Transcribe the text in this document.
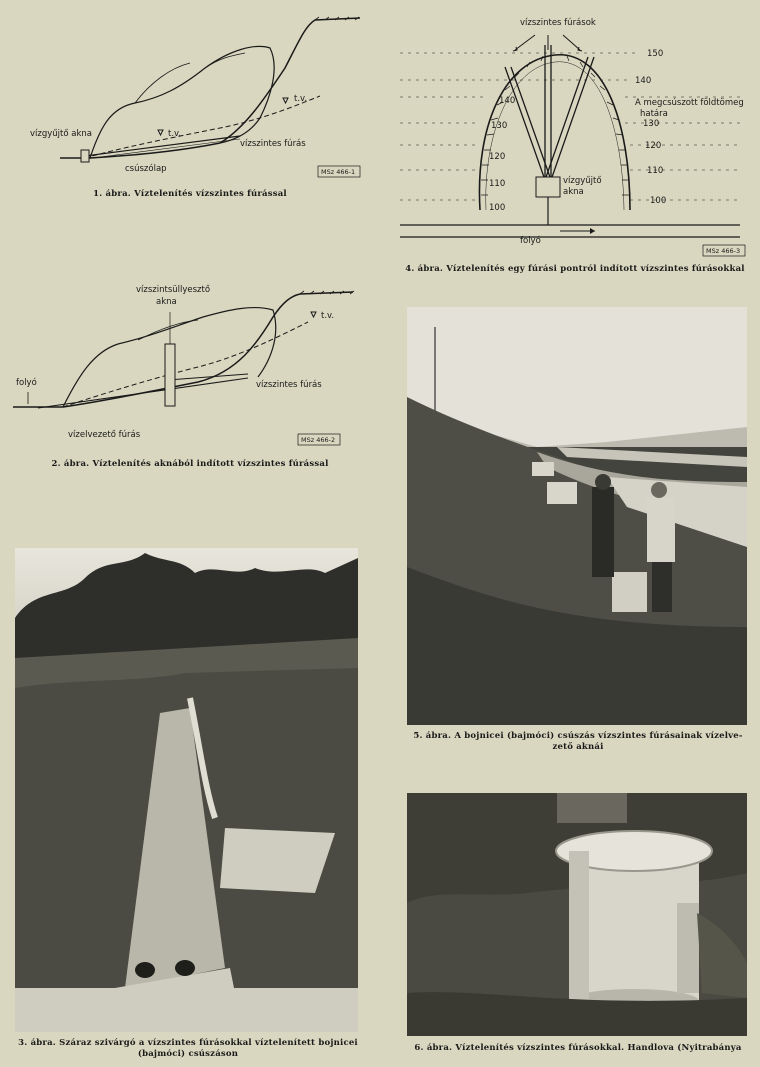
vízgyűjtő akna
vízszintes fúrás
csúszólap
t.v.
t.v.
MSz 466-1
1. ábra. Víztelenítés vízszintes fúrással
vízszintsüllyesztő
akna
folyó	vízszintes fúrás
vízelvezető fúrás
t.v.
MSz 466-2
2. ábra. Víztelenítés aknából indított vízszintes fúrással
3. ábra. Száraz szivárgó a vízszintes fúrásokkal víztelenített bojnicei
(bajmóci) csúszáson
vízszintes fúrások
A megcsúszott földtömeg
határa
vízgyűjtő
akna
folyó
150
140
130
120
110
100
140
130
120
110
100
MSz 466-3
4. ábra. Víztelenítés egy fúrási pontról indított vízszintes fúrásokkal
5. ábra. A bojnicei (bajmóci) csúszás vízszintes fúrásainak vízelve-
zető aknái
6. ábra. Víztelenítés vízszintes fúrásokkal. Handlova (Nyitrabánya
